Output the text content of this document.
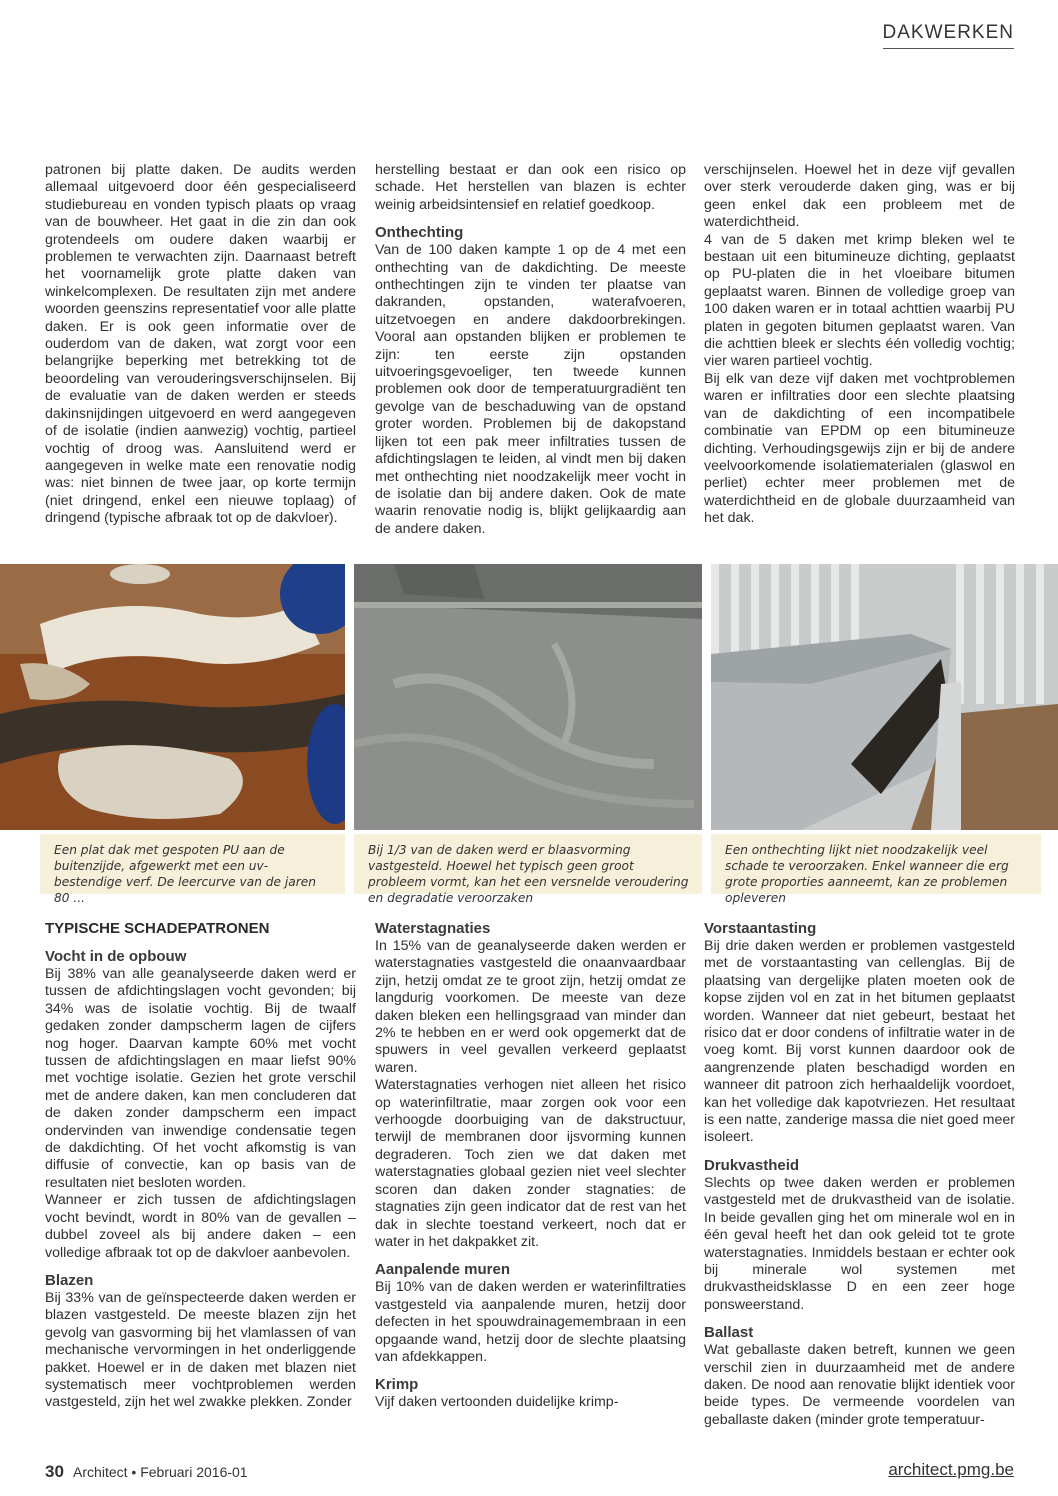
DAKWERKEN

patronen bij platte daken. De audits werden allemaal uitgevoerd door één gespecialiseerd studiebureau en vonden typisch plaats op vraag van de bouwheer. Het gaat in die zin dan ook grotendeels om oudere daken waarbij er problemen te verwachten zijn. Daarnaast betreft het voornamelijk grote platte daken van winkelcomplexen. De resultaten zijn met andere woorden geenszins representatief voor alle platte daken. Er is ook geen informatie over de ouderdom van de daken, wat zorgt voor een belangrijke beperking met betrekking tot de beoordeling van verouderingsverschijnselen. Bij de evaluatie van de daken werden er steeds dakinsnijdingen uitgevoerd en werd aangegeven of de isolatie (indien aanwezig) vochtig, partieel vochtig of droog was. Aansluitend werd er aangegeven in welke mate een renovatie nodig was: niet binnen de twee jaar, op korte termijn (niet dringend, enkel een nieuwe toplaag) of dringend (typische afbraak tot op de dakvloer).

herstelling bestaat er dan ook een risico op schade. Het herstellen van blazen is echter weinig arbeidsintensief en relatief goedkoop.

Onthechting

Van de 100 daken kampte 1 op de 4 met een onthechting van de dakdichting. De meeste onthechtingen zijn te vinden ter plaatse van dakranden, opstanden, waterafvoeren, uitzetvoegen en andere dakdoorbrekingen. Vooral aan opstanden blijken er problemen te zijn: ten eerste zijn opstanden uitvoeringsgevoeliger, ten tweede kunnen problemen ook door de temperatuurgradiënt ten gevolge van de beschaduwing van de opstand groter worden. Problemen bij de dakopstand lijken tot een pak meer infiltraties tussen de afdichtingslagen te leiden, al vindt men bij daken met onthechting niet noodzakelijk meer vocht in de isolatie dan bij andere daken. Ook de mate waarin renovatie nodig is, blijkt gelijkaardig aan de andere daken.

verschijnselen. Hoewel het in deze vijf gevallen over sterk verouderde daken ging, was er bij geen enkel dak een probleem met de waterdichtheid.

4 van de 5 daken met krimp bleken wel te bestaan uit een bitumineuze dichting, geplaatst op PU-platen die in het vloeibare bitumen geplaatst waren. Binnen de volledige groep van 100 daken waren er in totaal achttien waarbij PU platen in gegoten bitumen geplaatst waren. Van die achttien bleek er slechts één volledig vochtig; vier waren partieel vochtig.

Bij elk van deze vijf daken met vochtproblemen waren er infiltraties door een slechte plaatsing van de dakdichting of een incompatibele combinatie van EPDM op een bitumineuze dichting. Verhoudingsgewijs zijn er bij de andere veelvoorkomende isolatiematerialen (glaswol en perliet) echter meer problemen met de waterdichtheid en de globale duurzaamheid van het dak.

Een plat dak met gespoten PU aan de buitenzijde, afgewerkt met een uv-bestendige verf. De leercurve van de jaren 80 ...
Bij 1/3 van de daken werd er blaasvorming vastgesteld. Hoewel het typisch geen groot probleem vormt, kan het een versnelde veroudering en degradatie veroorzaken
Een onthechting lijkt niet noodzakelijk veel schade te veroorzaken. Enkel wanneer die erg grote proporties aanneemt, kan ze problemen opleveren
TYPISCHE SCHADEPATRONEN
Vocht in de opbouw

Bij 38% van alle geanalyseerde daken werd er tussen de afdichtingslagen vocht gevonden; bij 34% was de isolatie vochtig. Bij de twaalf gedaken zonder dampscherm lagen de cijfers nog hoger. Daarvan kampte 60% met vocht tussen de afdichtingslagen en maar liefst 90% met vochtige isolatie. Gezien het grote verschil met de andere daken, kan men concluderen dat de daken zonder dampscherm een impact ondervinden van inwendige condensatie tegen de dakdichting. Of het vocht afkomstig is van diffusie of convectie, kan op basis van de resultaten niet besloten worden.

Wanneer er zich tussen de afdichtingslagen vocht bevindt, wordt in 80% van de gevallen – dubbel zoveel als bij andere daken – een volledige afbraak tot op de dakvloer aanbevolen.

Blazen

Bij 33% van de geïnspecteerde daken werden er blazen vastgesteld. De meeste blazen zijn het gevolg van gasvorming bij het vlamlassen of van mechanische vervormingen in het onderliggende pakket. Hoewel er in de daken met blazen niet systematisch meer vochtproblemen werden vastgesteld, zijn het wel zwakke plekken. Zonder

Waterstagnaties

In 15% van de geanalyseerde daken werden er waterstagnaties vastgesteld die onaanvaardbaar zijn, hetzij omdat ze te groot zijn, hetzij omdat ze langdurig voorkomen. De meeste van deze daken bleken een hellingsgraad van minder dan 2% te hebben en er werd ook opgemerkt dat de spuwers in veel gevallen verkeerd geplaatst waren.

Waterstagnaties verhogen niet alleen het risico op waterinfiltratie, maar zorgen ook voor een verhoogde doorbuiging van de dakstructuur, terwijl de membranen door ijsvorming kunnen degraderen. Toch zien we dat daken met waterstagnaties globaal gezien niet veel slechter scoren dan daken zonder stagnaties: de stagnaties zijn geen indicator dat de rest van het dak in slechte toestand verkeert, noch dat er water in het dakpakket zit.

Aanpalende muren

Bij 10% van de daken werden er waterinfiltraties vastgesteld via aanpalende muren, hetzij door defecten in het spouwdrainagemembraan in een opgaande wand, hetzij door de slechte plaatsing van afdekkappen.

Krimp

Vijf daken vertoonden duidelijke krimp-

Vorstaantasting

Bij drie daken werden er problemen vastgesteld met de vorstaantasting van cellenglas. Bij de plaatsing van dergelijke platen moeten ook de kopse zijden vol en zat in het bitumen geplaatst worden. Wanneer dat niet gebeurt, bestaat het risico dat er door condens of infiltratie water in de voeg komt. Bij vorst kunnen daardoor ook de aangrenzende platen beschadigd worden en wanneer dit patroon zich herhaaldelijk voordoet, kan het volledige dak kapotvriezen. Het resultaat is een natte, zanderige massa die niet goed meer isoleert.

Drukvastheid

Slechts op twee daken werden er problemen vastgesteld met de drukvastheid van de isolatie. In beide gevallen ging het om minerale wol en in één geval heeft het dan ook geleid tot te grote waterstagnaties. Inmiddels bestaan er echter ook bij minerale wol systemen met drukvastheidsklasse D en een zeer hoge ponsweerstand.

Ballast

Wat geballaste daken betreft, kunnen we geen verschil zien in duurzaamheid met de andere daken. De nood aan renovatie blijkt identiek voor beide types. De vermeende voordelen van geballaste daken (minder grote temperatuur-

30 Architect • Februari 2016-01	architect.pmg.be
